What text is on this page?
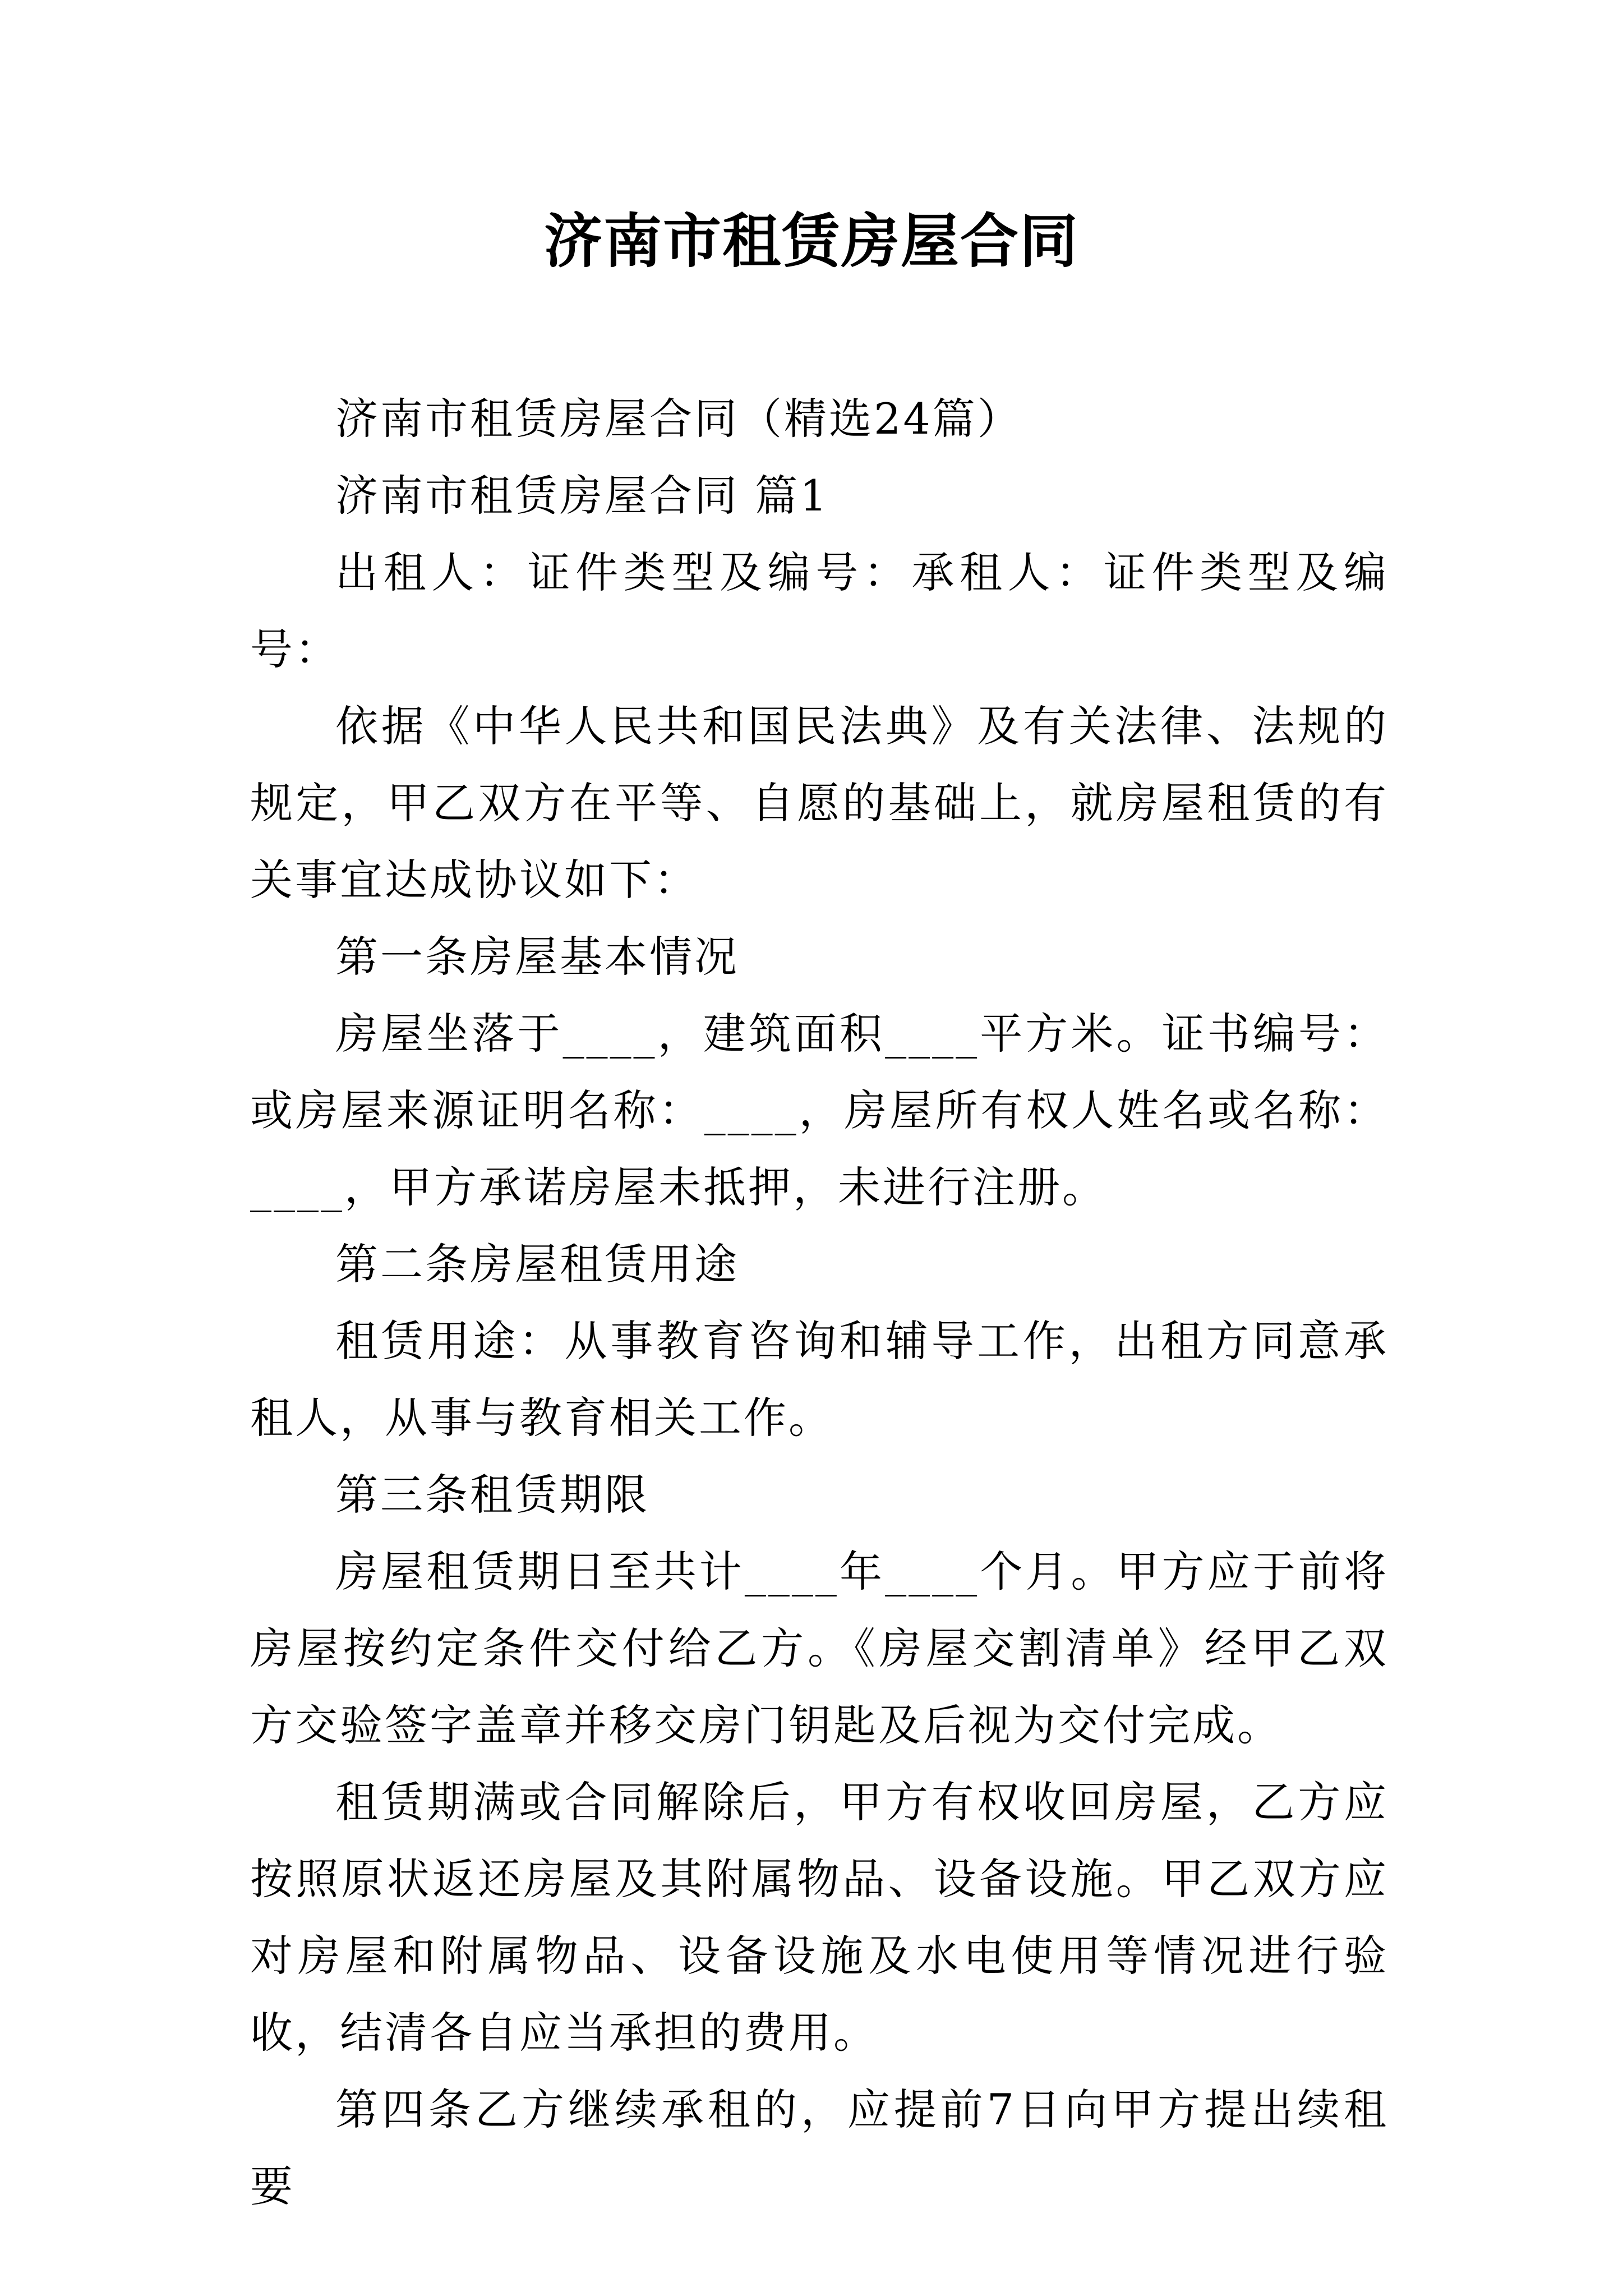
济南市租赁房屋合同

济南市租赁房屋合同（精选24篇）

济南市租赁房屋合同 篇1

出租人：证件类型及编号：承租人：证件类型及编号：

依据《中华人民共和国民法典》及有关法律、法规的规定，甲乙双方在平等、自愿的基础上，就房屋租赁的有关事宜达成协议如下：

第一条房屋基本情况

房屋坐落于____，建筑面积____平方米。证书编号：或房屋来源证明名称：____，房屋所有权人姓名或名称：____，甲方承诺房屋未抵押，未进行注册。

第二条房屋租赁用途

租赁用途：从事教育咨询和辅导工作，出租方同意承租人，从事与教育相关工作。

第三条租赁期限

房屋租赁期日至共计____年____个月。甲方应于前将房屋按约定条件交付给乙方。《房屋交割清单》经甲乙双方交验签字盖章并移交房门钥匙及后视为交付完成。

租赁期满或合同解除后，甲方有权收回房屋，乙方应按照原状返还房屋及其附属物品、设备设施。甲乙双方应对房屋和附属物品、设备设施及水电使用等情况进行验收，结清各自应当承担的费用。

第四条乙方继续承租的，应提前7日向甲方提出续租要
